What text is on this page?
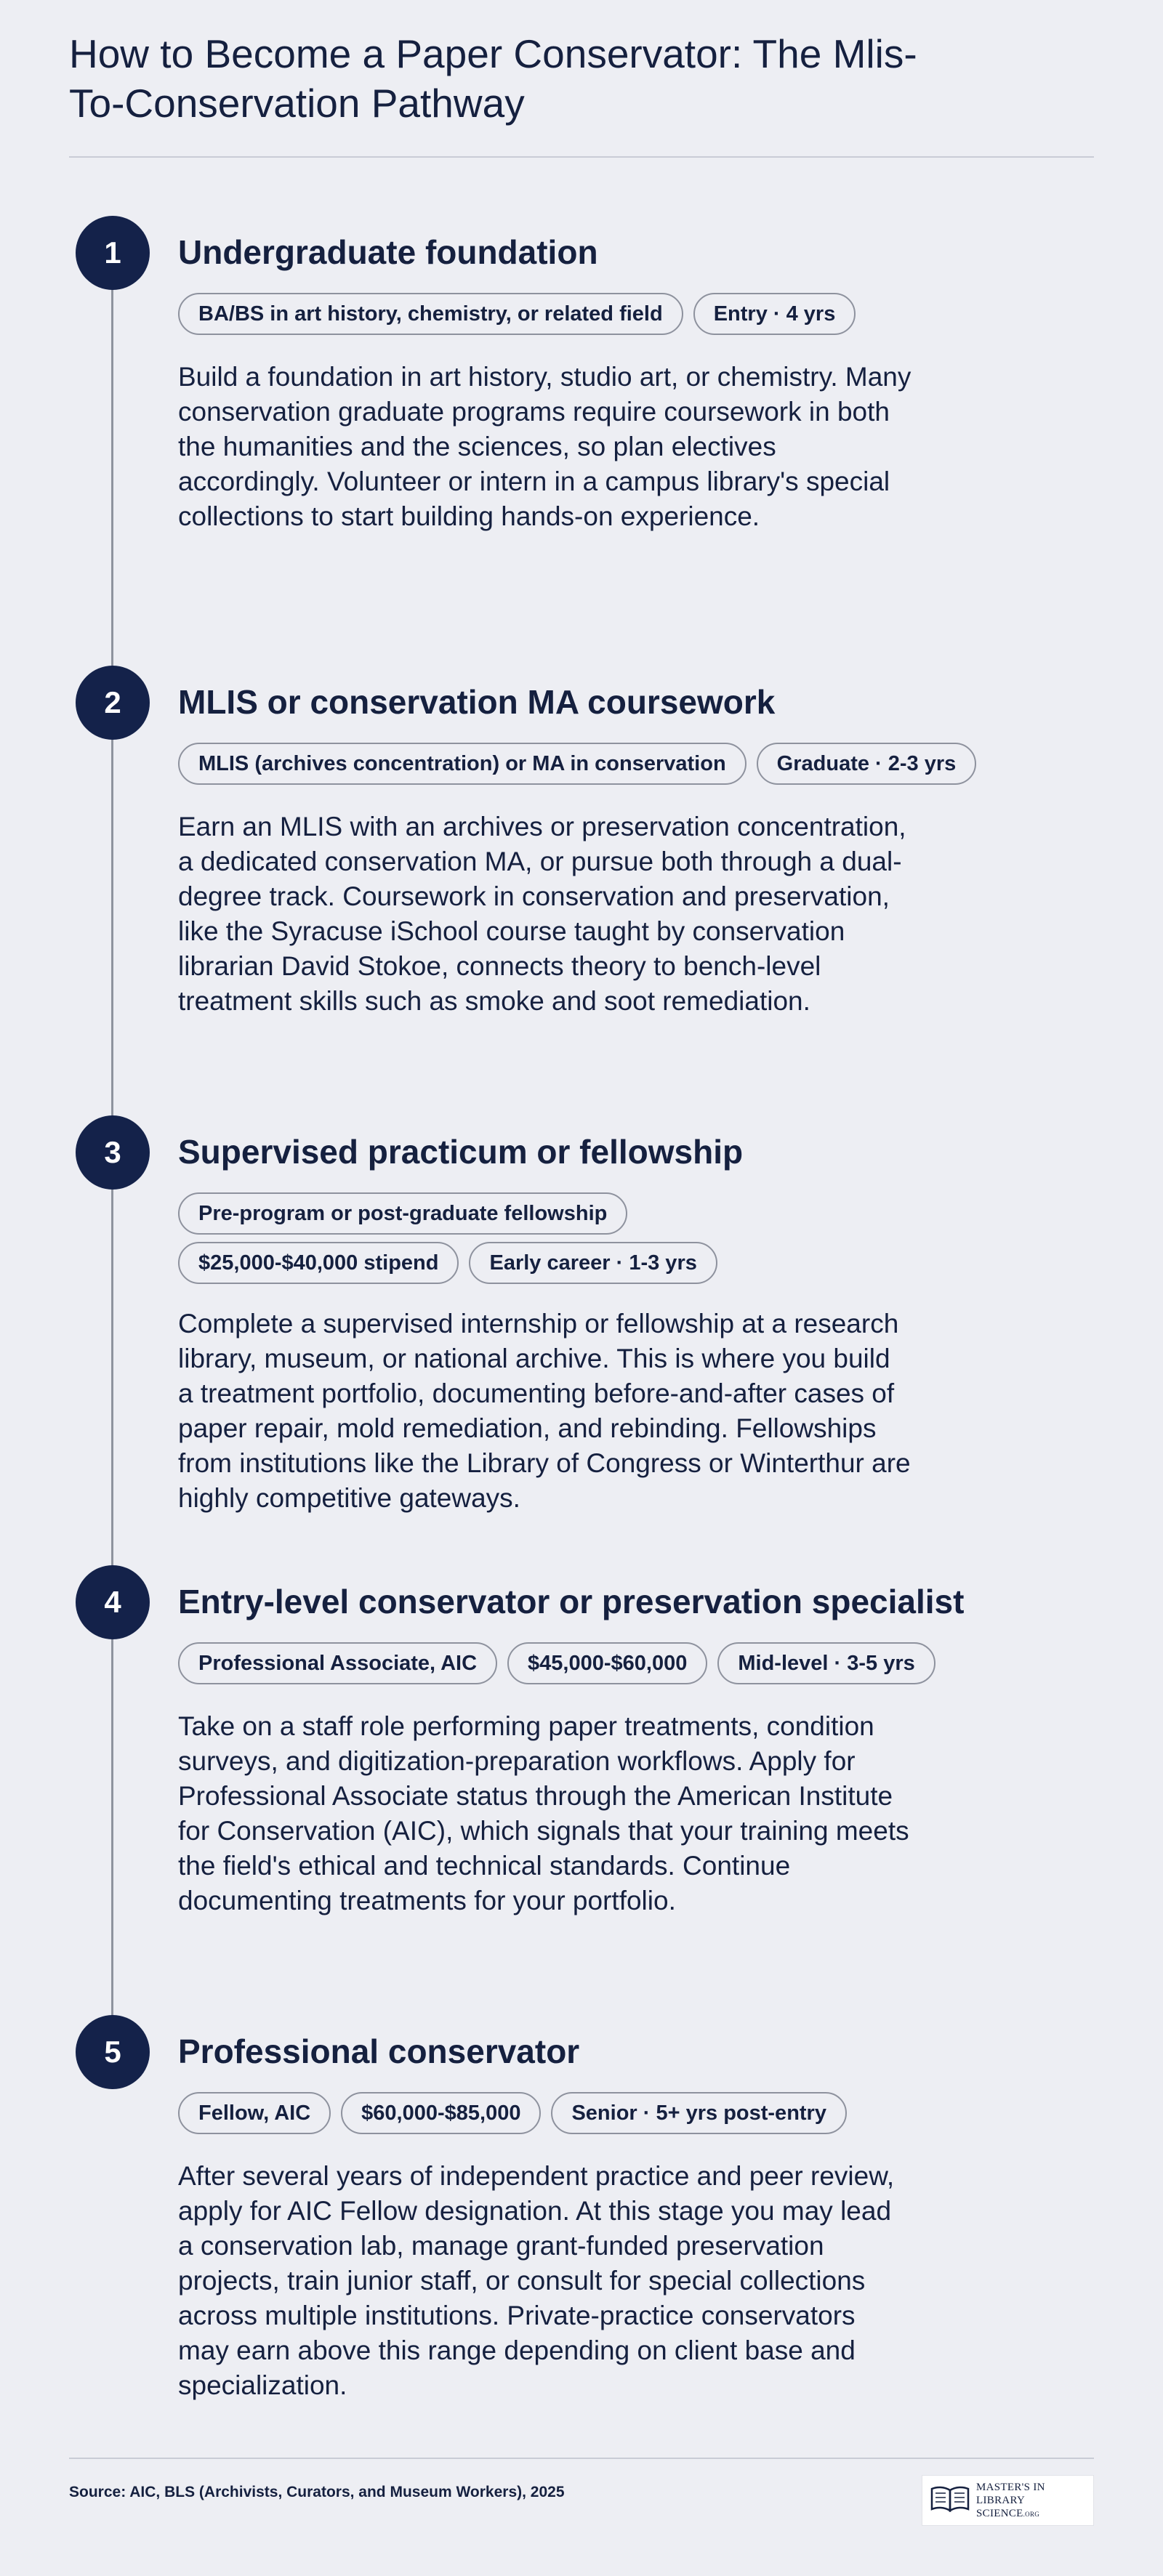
How to Become a Paper Conservator: The Mlis-To-Conservation Pathway
1	Undergraduate foundation
BA/BS in art history, chemistry, or related field	Entry · 4 yrs

Build a foundation in art history, studio art, or chemistry. Many conservation graduate programs require coursework in both the humanities and the sciences, so plan electives accordingly. Volunteer or intern in a campus library's special collections to start building hands-on experience.

2	MLIS or conservation MA coursework
MLIS (archives concentration) or MA in conservation	Graduate · 2-3 yrs

Earn an MLIS with an archives or preservation concentration, a dedicated conservation MA, or pursue both through a dual-degree track. Coursework in conservation and preservation, like the Syracuse iSchool course taught by conservation librarian David Stokoe, connects theory to bench-level treatment skills such as smoke and soot remediation.

3	Supervised practicum or fellowship
Pre-program or post-graduate fellowship
$25,000-$40,000 stipend	Early career · 1-3 yrs

Complete a supervised internship or fellowship at a research library, museum, or national archive. This is where you build a treatment portfolio, documenting before-and-after cases of paper repair, mold remediation, and rebinding. Fellowships from institutions like the Library of Congress or Winterthur are highly competitive gateways.

4	Entry-level conservator or preservation specialist
Professional Associate, AIC	$45,000-$60,000	Mid-level · 3-5 yrs

Take on a staff role performing paper treatments, condition surveys, and digitization-preparation workflows. Apply for Professional Associate status through the American Institute for Conservation (AIC), which signals that your training meets the field's ethical and technical standards. Continue documenting treatments for your portfolio.

5	Professional conservator
Fellow, AIC	$60,000-$85,000	Senior · 5+ yrs post-entry

After several years of independent practice and peer review, apply for AIC Fellow designation. At this stage you may lead a conservation lab, manage grant-funded preservation projects, train junior staff, or consult for special collections across multiple institutions. Private-practice conservators may earn above this range depending on client base and specialization.

Source: AIC, BLS (Archivists, Curators, and Museum Workers), 2025	MASTER'S IN
LIBRARY SCIENCE.ORG
